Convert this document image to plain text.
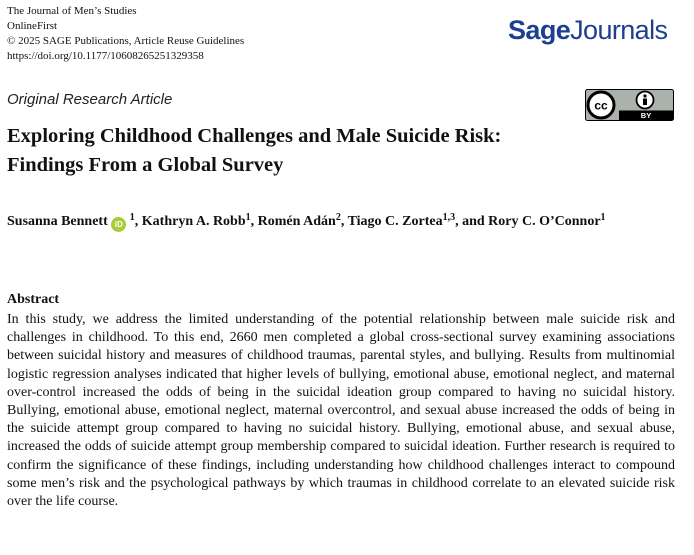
The Journal of Men’s Studies
OnlineFirst
© 2025 SAGE Publications, Article Reuse Guidelines
https://doi.org/10.1177/10608265251329358
SageJournals
Original Research Article	cc
BY
Exploring Childhood Challenges and Male Suicide Risk: Findings From a Global Survey
Susanna Bennett iD $^1$, Kathryn A. Robb$^1$, Romén Adán$^2$, Tiago C. Zortea$^{1,3}$, and Rory C. O’Connor$^1$
Abstract

In this study, we address the limited understanding of the potential relationship between male suicide risk and challenges in childhood. To this end, 2660 men completed a global cross-sectional survey examining associations between suicidal history and measures of childhood traumas, parental styles, and bullying. Results from multinomial logistic regression analyses indicated that higher levels of bullying, emotional abuse, emotional neglect, and maternal over-control increased the odds of being in the suicidal ideation group compared to having no suicidal history. Bullying, emotional abuse, emotional neglect, maternal overcontrol, and sexual abuse increased the odds of being in the suicide attempt group compared to having no suicidal history. Bullying, emotional abuse, and sexual abuse, increased the odds of suicide attempt group membership compared to suicidal ideation. Further research is required to confirm the significance of these findings, including understanding how childhood challenges interact to compound some men’s risk and the psychological pathways by which traumas in childhood correlate to an elevated suicide risk over the life course.
